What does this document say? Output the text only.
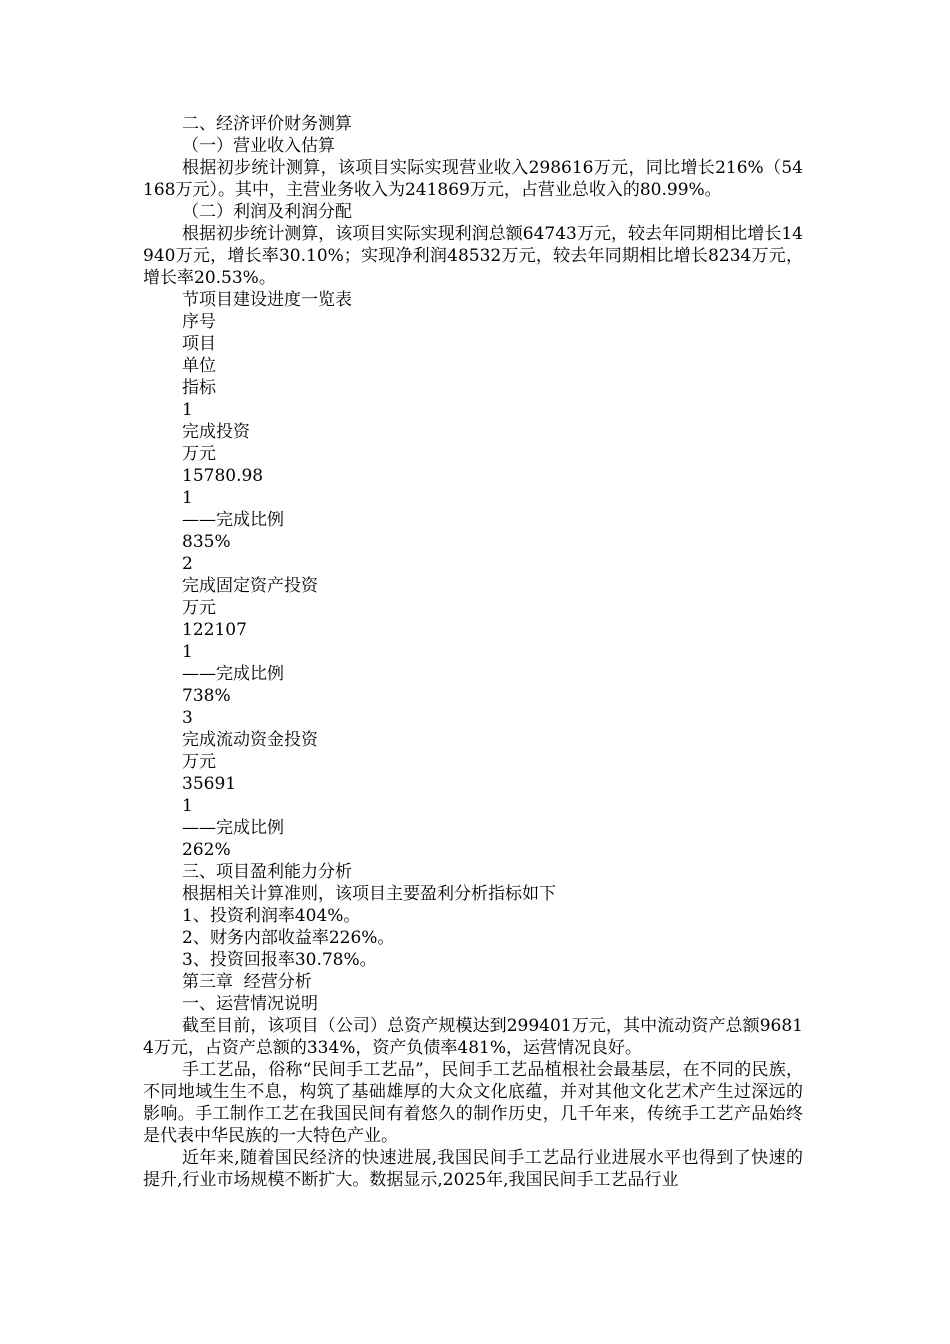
二、经济评价财务测算

（一）营业收入估算

根据初步统计测算，该项目实际实现营业收入298616万元，同比增长216%（54168万元）。其中，主营业务收入为241869万元，占营业总收入的80.99%。

（二）利润及利润分配

根据初步统计测算，该项目实际实现利润总额64743万元，较去年同期相比增长14940万元，增长率30.10%；实现净利润48532万元，较去年同期相比增长8234万元，增长率20.53%。

节项目建设进度一览表

序号

项目

单位

指标

1

完成投资

万元

15780.98

1

——完成比例

835%

2

完成固定资产投资

万元

122107

1

——完成比例

738%

3

完成流动资金投资

万元

35691

1

——完成比例

262%

三、项目盈利能力分析

根据相关计算准则，该项目主要盈利分析指标如下

1、投资利润率404%。

2、财务内部收益率226%。

3、投资回报率30.78%。

第三章  经营分析

一、运营情况说明

截至目前，该项目（公司）总资产规模达到299401万元，其中流动资产总额96814万元，占资产总额的334%，资产负债率481%，运营情况良好。

手工艺品，俗称“民间手工艺品”，民间手工艺品植根社会最基层，在不同的民族，不同地域生生不息，构筑了基础雄厚的大众文化底蕴，并对其他文化艺术产生过深远的影响。手工制作工艺在我国民间有着悠久的制作历史，几千年来，传统手工艺产品始终是代表中华民族的一大特色产业。

近年来,随着国民经济的快速进展,我国民间手工艺品行业进展水平也得到了快速的提升,行业市场规模不断扩大。数据显示,2025年,我国民间手工艺品行业
